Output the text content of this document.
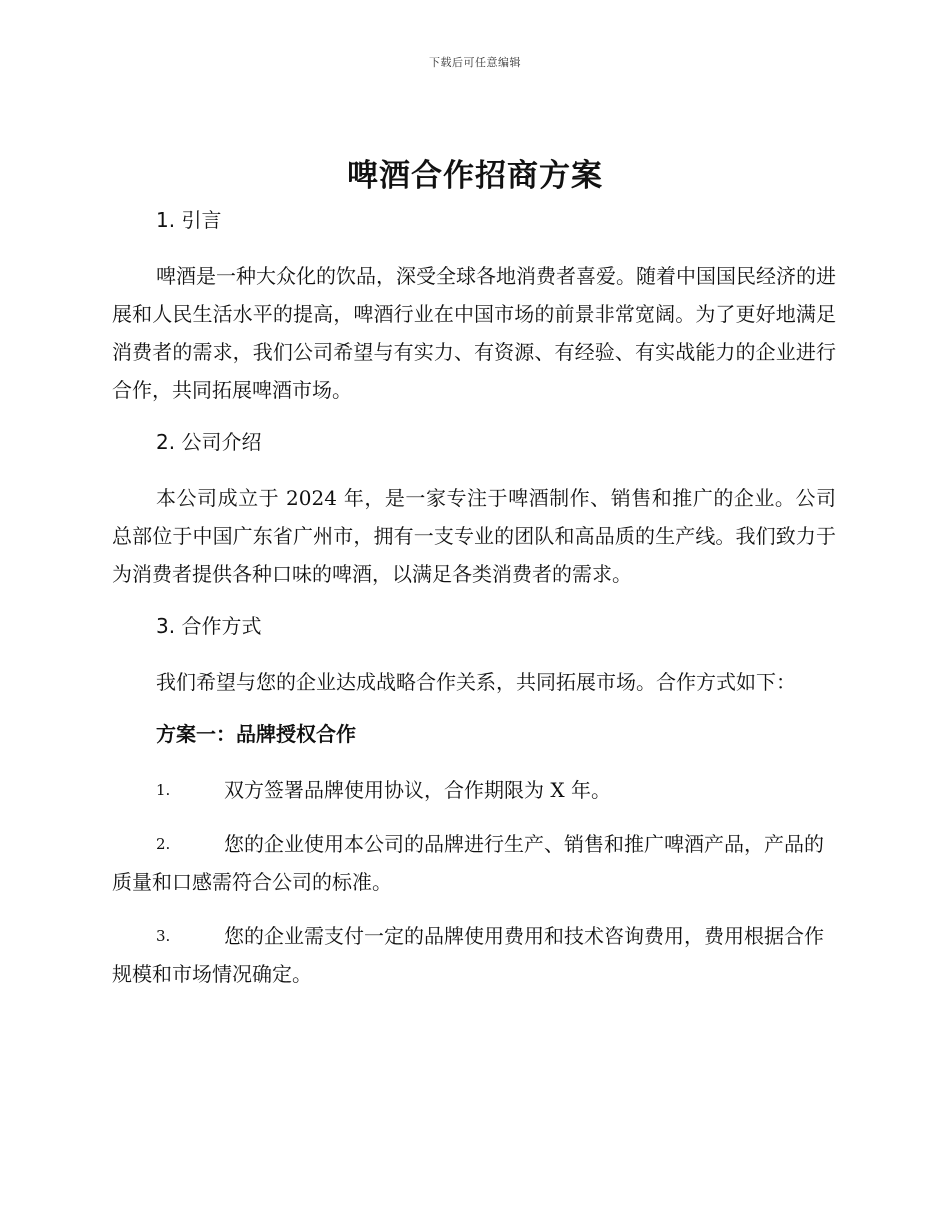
下载后可任意编辑
啤酒合作招商方案
1. 引言

啤酒是一种大众化的饮品，深受全球各地消费者喜爱。随着中国国民经济的进展和人民生活水平的提高，啤酒行业在中国市场的前景非常宽阔。为了更好地满足消费者的需求，我们公司希望与有实力、有资源、有经验、有实战能力的企业进行合作，共同拓展啤酒市场。

2. 公司介绍

本公司成立于 2024 年，是一家专注于啤酒制作、销售和推广的企业。公司总部位于中国广东省广州市，拥有一支专业的团队和高品质的生产线。我们致力于为消费者提供各种口味的啤酒，以满足各类消费者的需求。

3. 合作方式

我们希望与您的企业达成战略合作关系，共同拓展市场。合作方式如下：

方案一：品牌授权合作

1.	双方签署品牌使用协议，合作期限为 X 年。

2.	您的企业使用本公司的品牌进行生产、销售和推广啤酒产品，产品的质量和口感需符合公司的标准。

3.	您的企业需支付一定的品牌使用费用和技术咨询费用，费用根据合作规模和市场情况确定。
